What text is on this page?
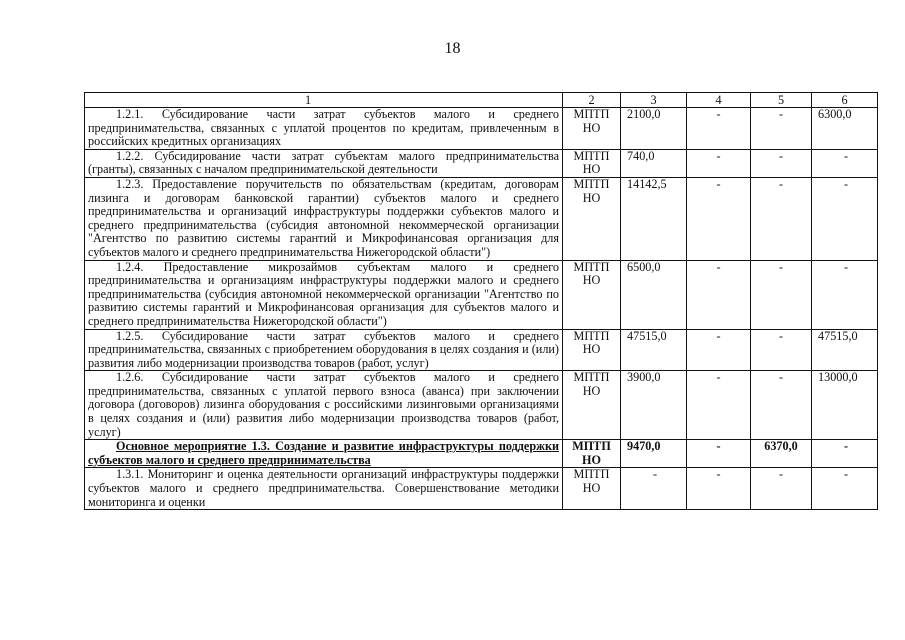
18
1	2	3	4	5	6
1.2.1. Субсидирование части затрат субъектов малого и среднего предпринимательства, связанных с уплатой процентов по кредитам, привлеченным в российских кредитных организациях	МПТП НО	2100,0	-	-	6300,0
1.2.2. Субсидирование части затрат субъектам малого предпринимательства (гранты), связанных с началом предпринимательской деятельности	МПТП НО	740,0	-	-	-
1.2.3. Предоставление поручительств по обязательствам (кредитам, договорам лизинга и договорам банковской гарантии) субъектов малого и среднего предпринимательства и организаций инфраструктуры поддержки субъектов малого и среднего предпринимательства (субсидия автономной некоммерческой организации "Агентство по развитию системы гарантий и Микрофинансовая организация для субъектов малого и среднего предпринимательства Нижегородской области")	МПТП НО	14142,5	-	-	-
1.2.4. Предоставление микрозаймов субъектам малого и среднего предпринимательства и организациям инфраструктуры поддержки малого и среднего предпринимательства (субсидия автономной некоммерческой организации "Агентство по развитию системы гарантий и Микрофинансовая организация для субъектов малого и среднего предпринимательства Нижегородской области")	МПТП НО	6500,0	-	-	-
1.2.5. Субсидирование части затрат субъектов малого и среднего предпринимательства, связанных с приобретением оборудования в целях создания и (или) развития либо модернизации производства товаров (работ, услуг)	МПТП НО	47515,0	-	-	47515,0
1.2.6. Субсидирование части затрат субъектов малого и среднего предпринимательства, связанных с уплатой первого взноса (аванса) при заключении договора (договоров) лизинга оборудования с российскими лизинговыми организациями в целях создания и (или) развития либо модернизации производства товаров (работ, услуг)	МПТП НО	3900,0	-	-	13000,0
Основное мероприятие 1.3. Создание и развитие инфраструктуры поддержки субъектов малого и среднего предпринимательства	МПТП НО	9470,0	-	6370,0	-
1.3.1. Мониторинг и оценка деятельности организаций инфраструктуры поддержки субъектов малого и среднего предпринимательства. Совершенствование методики мониторинга и оценки	МПТП НО	-	-	-	-
